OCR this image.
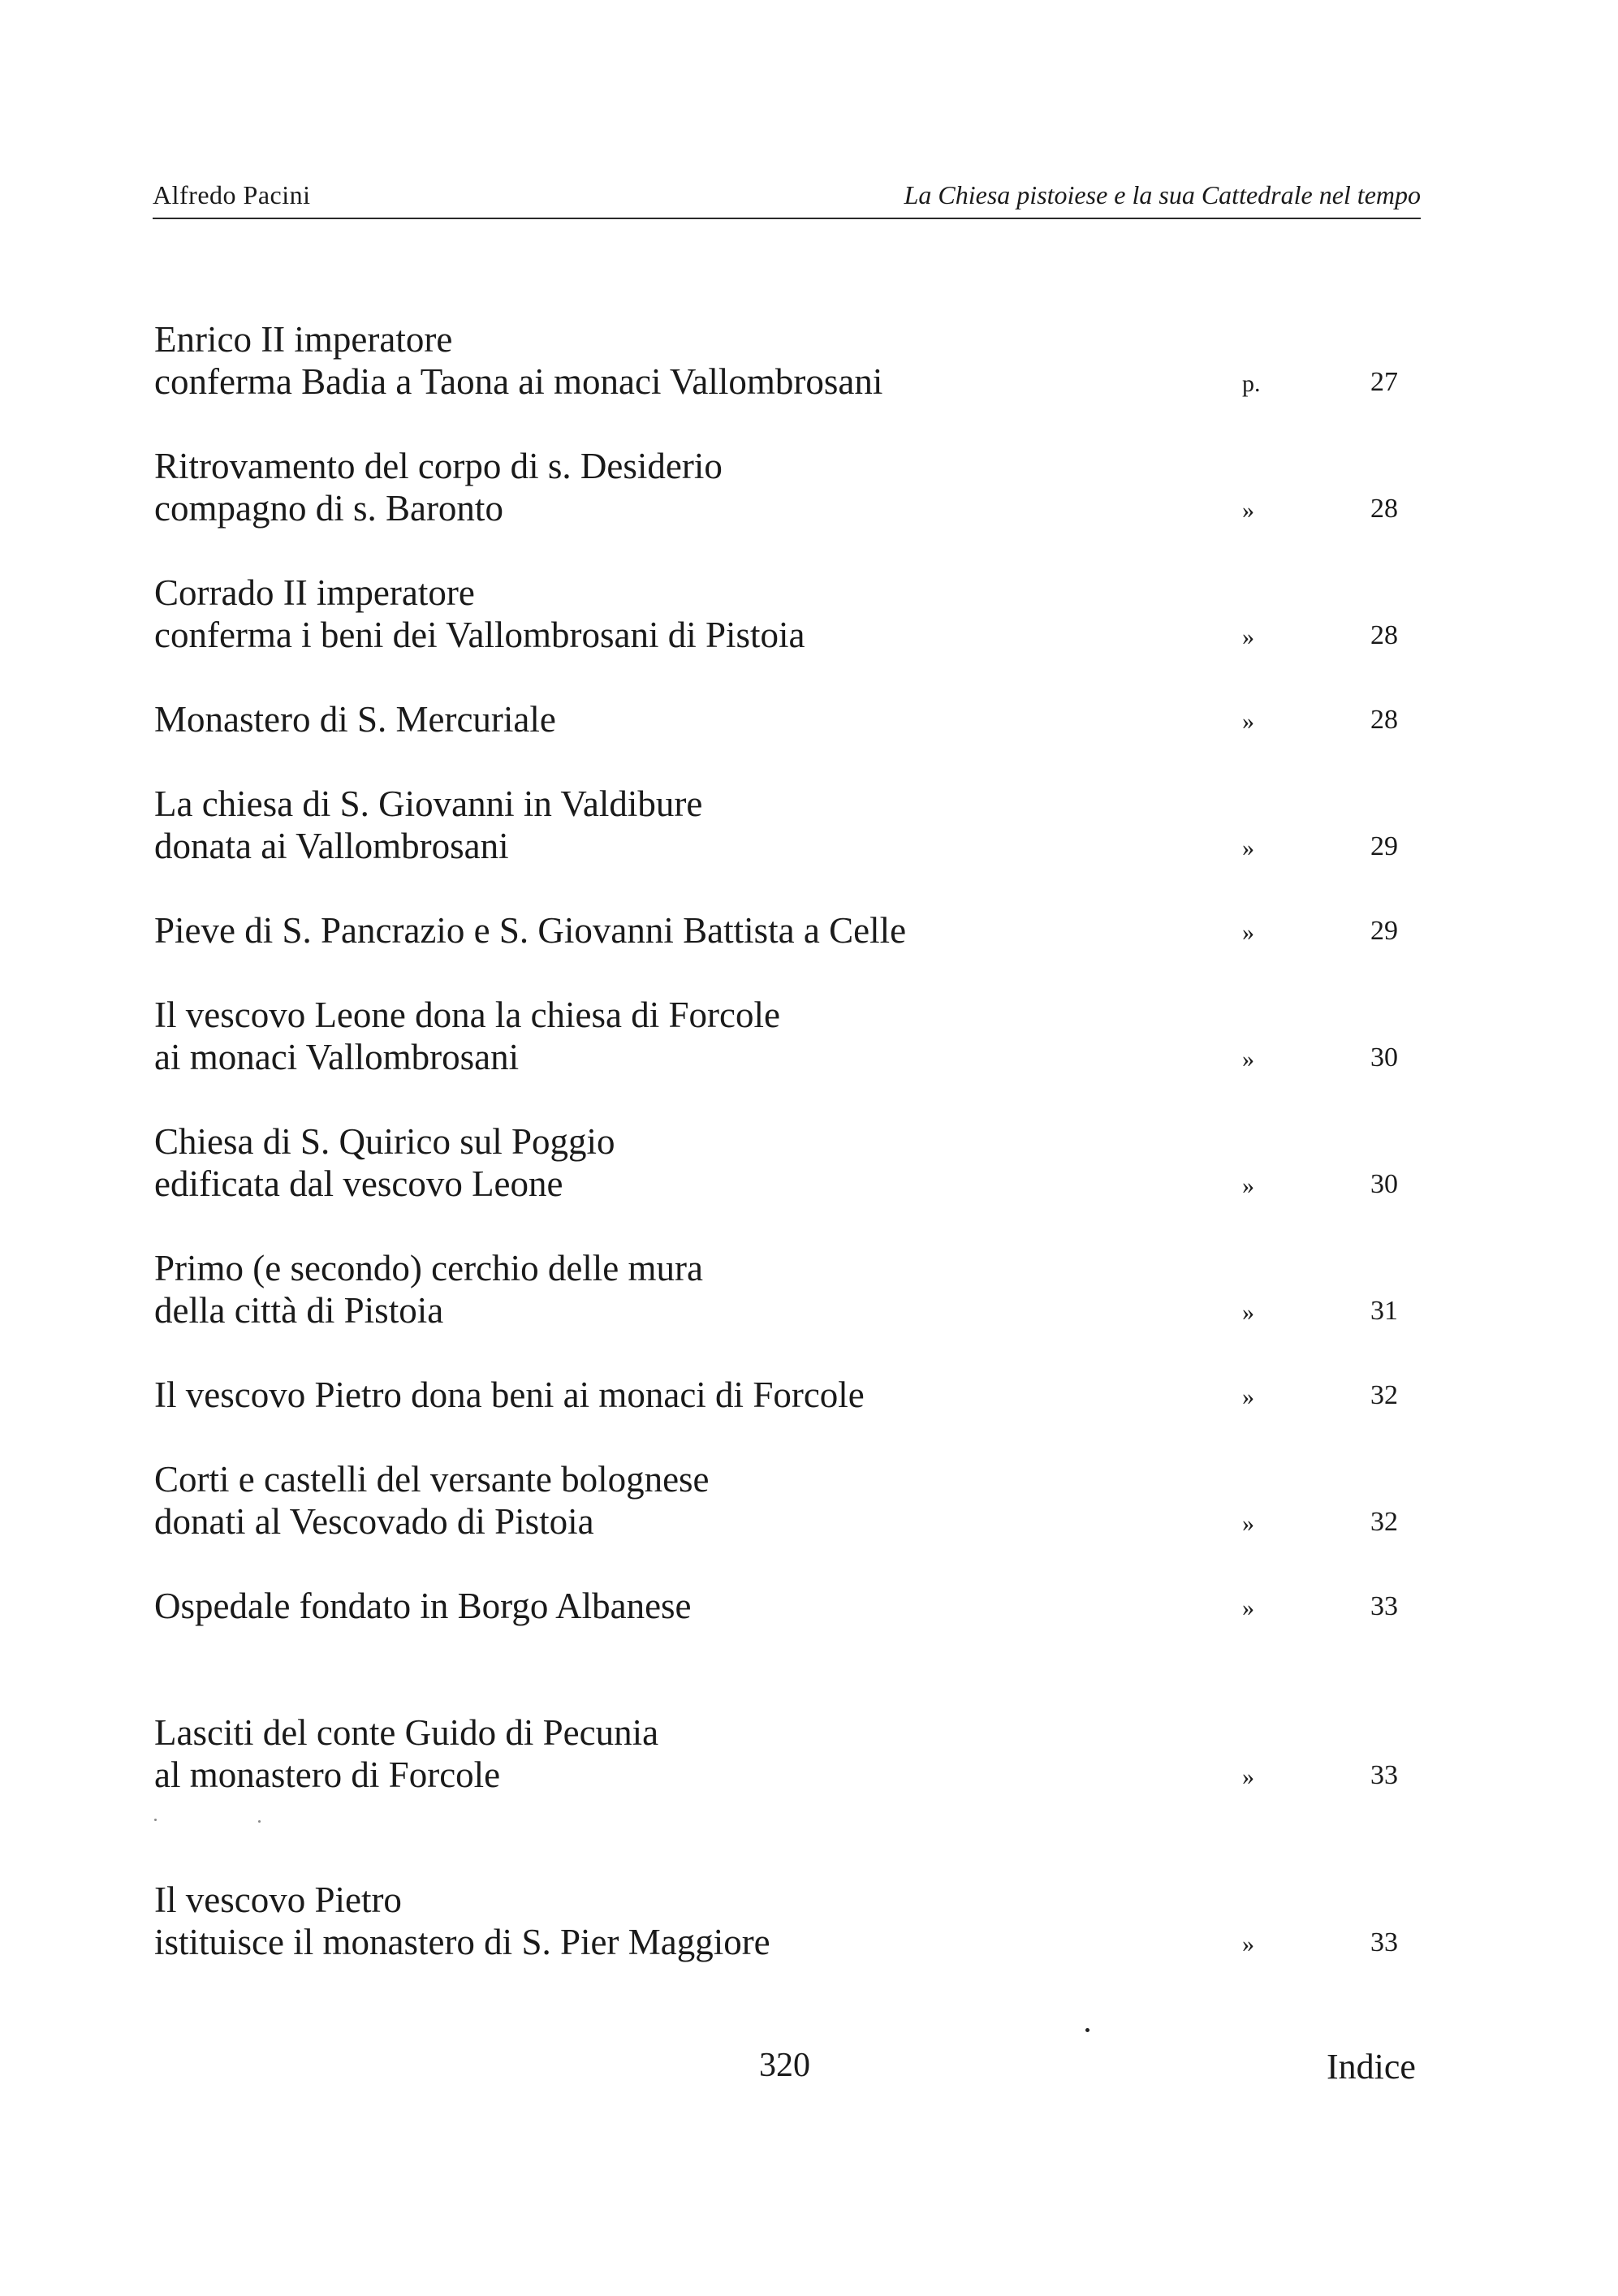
Alfredo Pacini	La Chiesa pistoiese e la sua Cattedrale nel tempo
Enrico II imperatore
conferma Badia a Taona ai monaci Vallombrosani	p.	27
Ritrovamento del corpo di s. Desiderio
compagno di s. Baronto	»	28
Corrado II imperatore
conferma i beni dei Vallombrosani di Pistoia	»	28
Monastero di S. Mercuriale	»	28
La chiesa di S. Giovanni in Valdibure
donata ai Vallombrosani	»	29
Pieve di S. Pancrazio e S. Giovanni Battista a Celle	»	29
Il vescovo Leone dona la chiesa di Forcole
ai monaci Vallombrosani	»	30
Chiesa di S. Quirico sul Poggio
edificata dal vescovo Leone	»	30
Primo (e secondo) cerchio delle mura
della città di Pistoia	»	31
Il vescovo Pietro dona beni ai monaci di Forcole	»	32
Corti e castelli del versante bolognese
donati al Vescovado di Pistoia	»	32
Ospedale fondato in Borgo Albanese	»	33
Lasciti del conte Guido di Pecunia
al monastero di Forcole	»	33
Il vescovo Pietro
istituisce il monastero di S. Pier Maggiore	»	33
320	Indice
